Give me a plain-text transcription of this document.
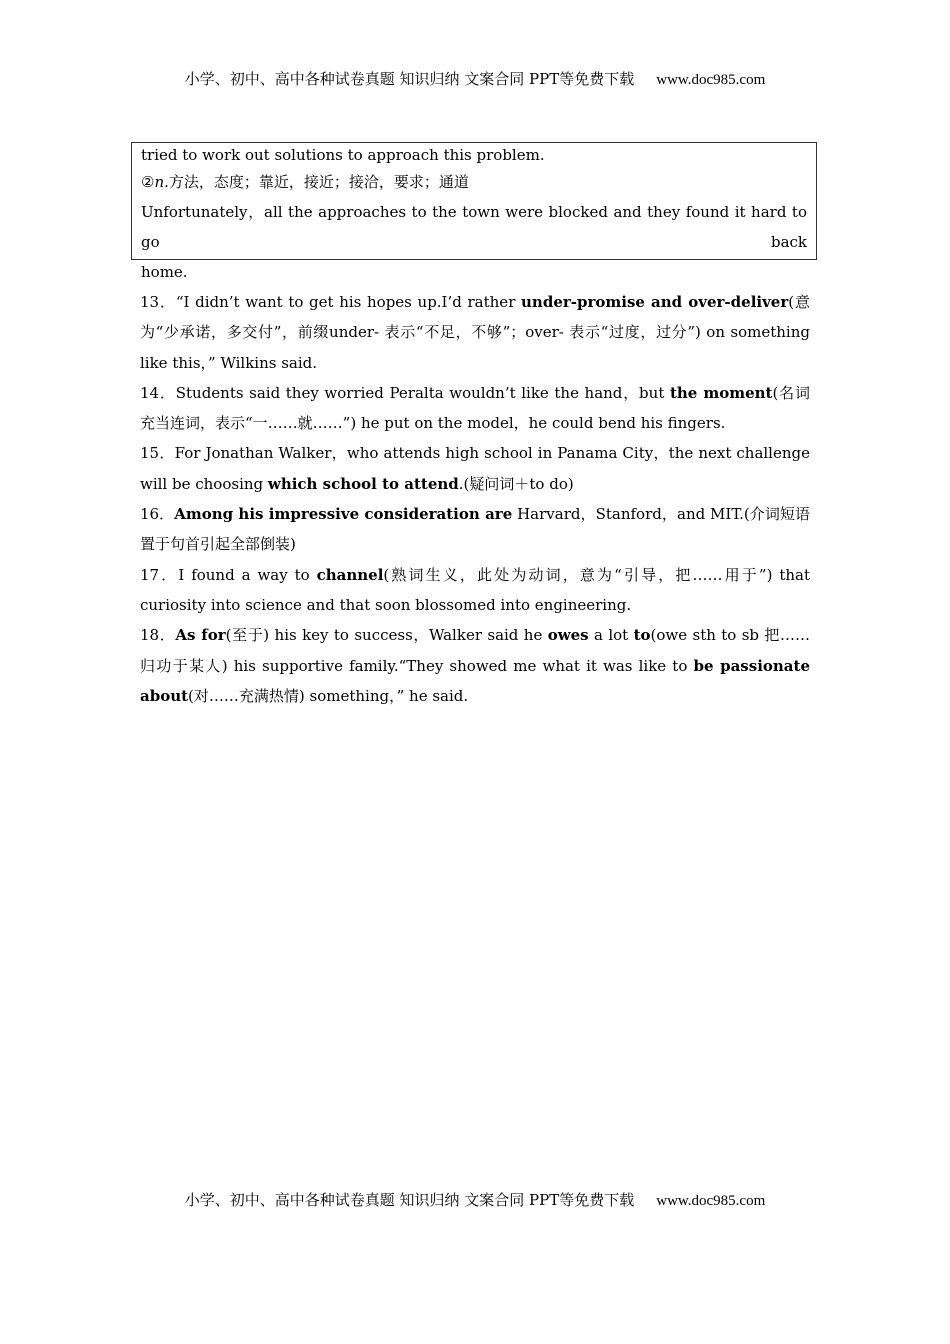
小学、初中、高中各种试卷真题 知识归纳 文案合同 PPT等免费下载 www.doc985.com

tried to work out solutions to approach this problem.

②n.方法，态度；靠近，接近；接洽，要求；通道

Unfortunately，all the approaches to the town were blocked and they found it hard to go back

home.

13．“I didn’t want to get his hopes up.I’d rather under-promise and over-deliver(意为“少承诺，多交付”，前缀under- 表示“不足，不够”；over- 表示“过度，过分”) on something like this，” Wilkins said.

14．Students said they worried Peralta wouldn’t like the hand，but the moment(名词充当连词，表示“一……就……”) he put on the model，he could bend his fingers.

15．For Jonathan Walker，who attends high school in Panama City，the next challenge will be choosing which school to attend.(疑问词＋to do)

16．Among his impressive consideration are Harvard，Stanford，and MIT.(介词短语置于句首引起全部倒装)

17．I found a way to channel(熟词生义，此处为动词，意为“引导，把……用于”) that curiosity into science and that soon blossomed into engineering.

18．As for(至于) his key to success，Walker said he owes a lot to(owe sth to sb 把……归功于某人) his supportive family.“They showed me what it was like to be passionate about(对……充满热情) something，” he said.

小学、初中、高中各种试卷真题 知识归纳 文案合同 PPT等免费下载 www.doc985.com
